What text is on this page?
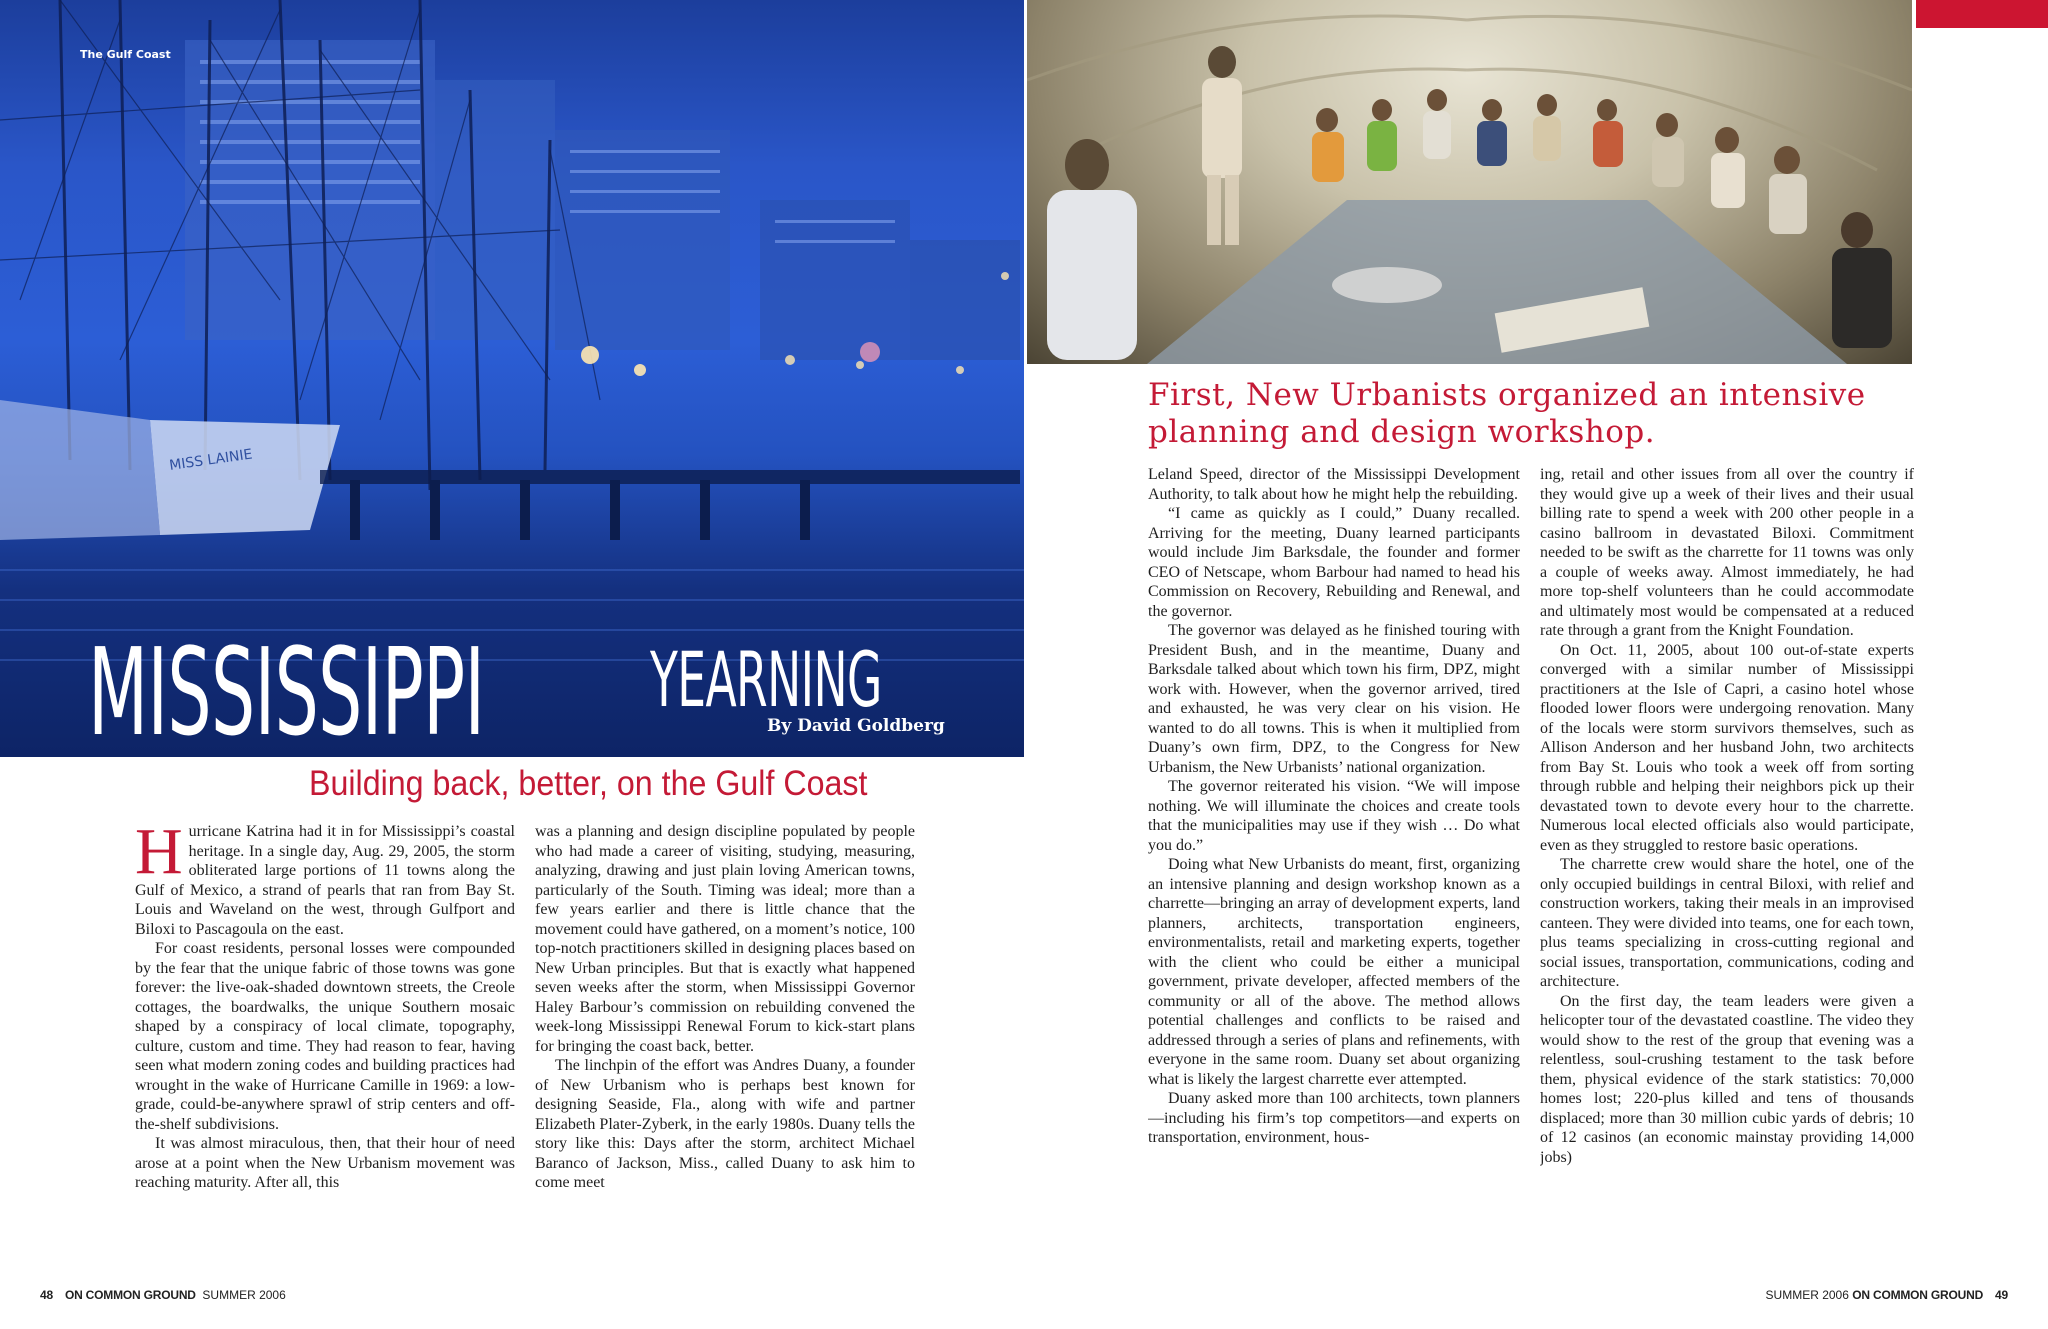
MISS LAINIE
The Gulf Coast
MISSISSIPPI YEARNING
By David Goldberg
Building back, better, on the Gulf Coast
First, New Urbanists organized an intensive planning and design workshop.

Hurricane Katrina had it in for Mississippi’s coastal heritage. In a single day, Aug. 29, 2005, the storm obliterated large portions of 11 towns along the Gulf of Mexico, a strand of pearls that ran from Bay St. Louis and Waveland on the west, through Gulfport and Biloxi to Pascagoula on the east.

For coast residents, personal losses were compounded by the fear that the unique fabric of those towns was gone forever: the live-oak-shaded downtown streets, the Creole cottages, the boardwalks, the unique Southern mosaic shaped by a conspiracy of local climate, topography, culture, custom and time. They had reason to fear, having seen what modern zoning codes and building practices had wrought in the wake of Hurricane Camille in 1969: a low-grade, could-be-anywhere sprawl of strip centers and off-the-shelf subdivisions.

It was almost miraculous, then, that their hour of need arose at a point when the New Urbanism movement was reaching maturity. After all, this

was a planning and design discipline populated by people who had made a career of visiting, studying, measuring, analyzing, drawing and just plain loving American towns, particularly of the South. Timing was ideal; more than a few years earlier and there is little chance that the movement could have gathered, on a moment’s notice, 100 top-notch practitioners skilled in designing places based on New Urban principles. But that is exactly what happened seven weeks after the storm, when Mississippi Governor Haley Barbour’s commission on rebuilding convened the week-long Mississippi Renewal Forum to kick-start plans for bringing the coast back, better.

The linchpin of the effort was Andres Duany, a founder of New Urbanism who is perhaps best known for designing Seaside, Fla., along with wife and partner Elizabeth Plater-Zyberk, in the early 1980s. Duany tells the story like this: Days after the storm, architect Michael Baranco of Jackson, Miss., called Duany to ask him to come meet

Leland Speed, director of the Mississippi Development Authority, to talk about how he might help the rebuilding.

“I came as quickly as I could,” Duany recalled. Arriving for the meeting, Duany learned participants would include Jim Barksdale, the founder and former CEO of Netscape, whom Barbour had named to head his Commission on Recovery, Rebuilding and Renewal, and the governor.

The governor was delayed as he finished touring with President Bush, and in the meantime, Duany and Barksdale talked about which town his firm, DPZ, might work with. However, when the governor arrived, tired and exhausted, he was very clear on his vision. He wanted to do all towns. This is when it multiplied from Duany’s own firm, DPZ, to the Congress for New Urbanism, the New Urbanists’ national organization.

The governor reiterated his vision. “We will impose nothing. We will illuminate the choices and create tools that the municipalities may use if they wish … Do what you do.”

Doing what New Urbanists do meant, first, organizing an intensive planning and design workshop known as a charrette—bringing an array of development experts, land planners, architects, transportation engineers, environmentalists, retail and marketing experts, together with the client who could be either a municipal government, private developer, affected members of the community or all of the above. The method allows potential challenges and conflicts to be raised and addressed through a series of plans and refinements, with everyone in the same room. Duany set about organizing what is likely the largest charrette ever attempted.

Duany asked more than 100 architects, town planners—including his firm’s top competitors—and experts on transportation, environment, hous-

ing, retail and other issues from all over the country if they would give up a week of their lives and their usual billing rate to spend a week with 200 other people in a casino ballroom in devastated Biloxi. Commitment needed to be swift as the charrette for 11 towns was only a couple of weeks away. Almost immediately, he had more top-shelf volunteers than he could accommodate and ultimately most would be compensated at a reduced rate through a grant from the Knight Foundation.

On Oct. 11, 2005, about 100 out-of-state experts converged with a similar number of Mississippi practitioners at the Isle of Capri, a casino hotel whose flooded lower floors were undergoing renovation. Many of the locals were storm survivors themselves, such as Allison Anderson and her husband John, two architects from Bay St. Louis who took a week off from sorting through rubble and helping their neighbors pick up their devastated town to devote every hour to the charrette. Numerous local elected officials also would participate, even as they struggled to restore basic operations.

The charrette crew would share the hotel, one of the only occupied buildings in central Biloxi, with relief and construction workers, taking their meals in an improvised canteen. They were divided into teams, one for each town, plus teams specializing in cross-cutting regional and social issues, transportation, communications, coding and architecture.

On the first day, the team leaders were given a helicopter tour of the devastated coastline. The video they would show to the rest of the group that evening was a relentless, soul-crushing testament to the task before them, physical evidence of the stark statistics: 70,000 homes lost; 220-plus killed and tens of thousands displaced; more than 30 million cubic yards of debris; 10 of 12 casinos (an economic mainstay providing 14,000 jobs)

48 ON COMMON GROUND SUMMER 2006	SUMMER 2006 ON COMMON GROUND 49
